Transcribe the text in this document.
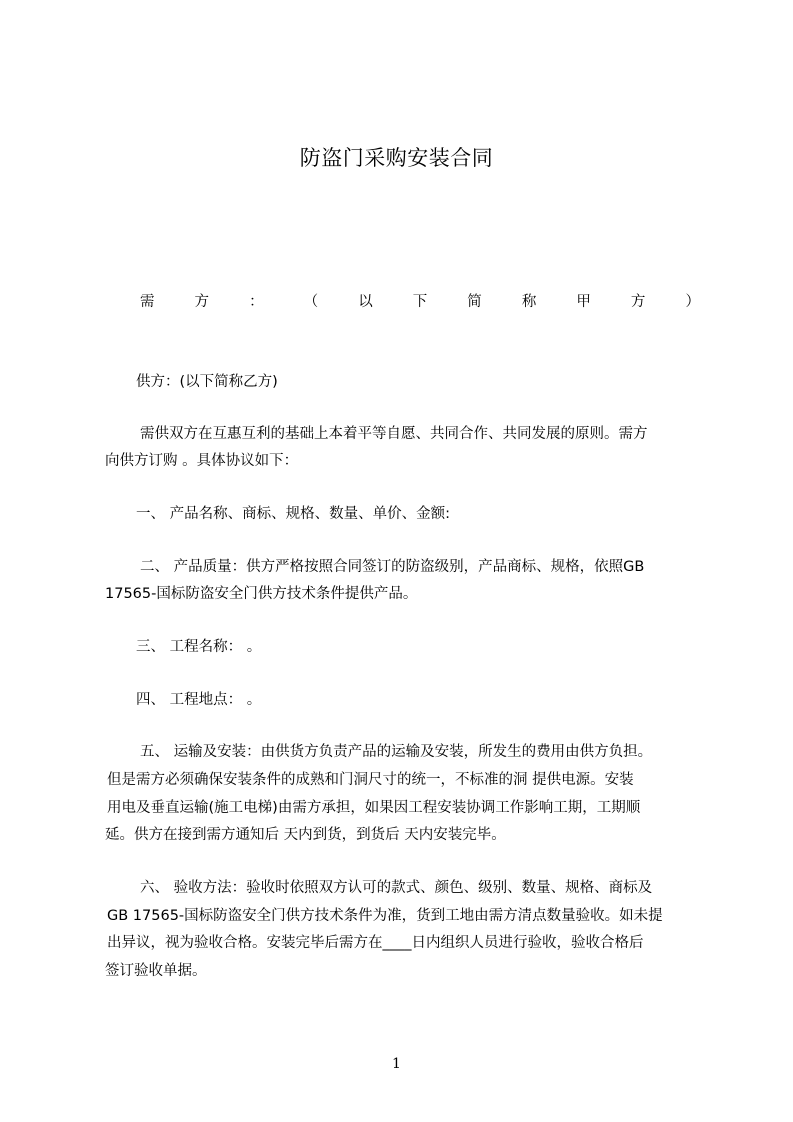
防盗门采购安装合同
需	方	：	（	以	下	简	称	甲	方	）
供方：(以下简称乙方)
需供双方在互惠互利的基础上本着平等自愿、共同合作、共同发展的原则。需方
向供方订购 。具体协议如下：
一、 产品名称、商标、规格、数量、单价、金额:
二、 产品质量：供方严格按照合同签订的防盗级别，产品商标、规格，依照GB
17565-国标防盗安全门供方技术条件提供产品。
三、 工程名称： 。
四、 工程地点： 。
五、 运输及安装：由供货方负责产品的运输及安装，所发生的费用由供方负担。
但是需方必须确保安装条件的成熟和门洞尺寸的统一，不标准的洞 提供电源。安装
用电及垂直运输(施工电梯)由需方承担，如果因工程安装协调工作影响工期，工期顺
延。供方在接到需方通知后 天内到货，到货后 天内安装完毕。
六、 验收方法：验收时依照双方认可的款式、颜色、级别、数量、规格、商标及
GB 17565-国标防盗安全门供方技术条件为准，货到工地由需方清点数量验收。如未提
出异议，视为验收合格。安装完毕后需方在____日内组织人员进行验收，验收合格后
签订验收单据。
1
